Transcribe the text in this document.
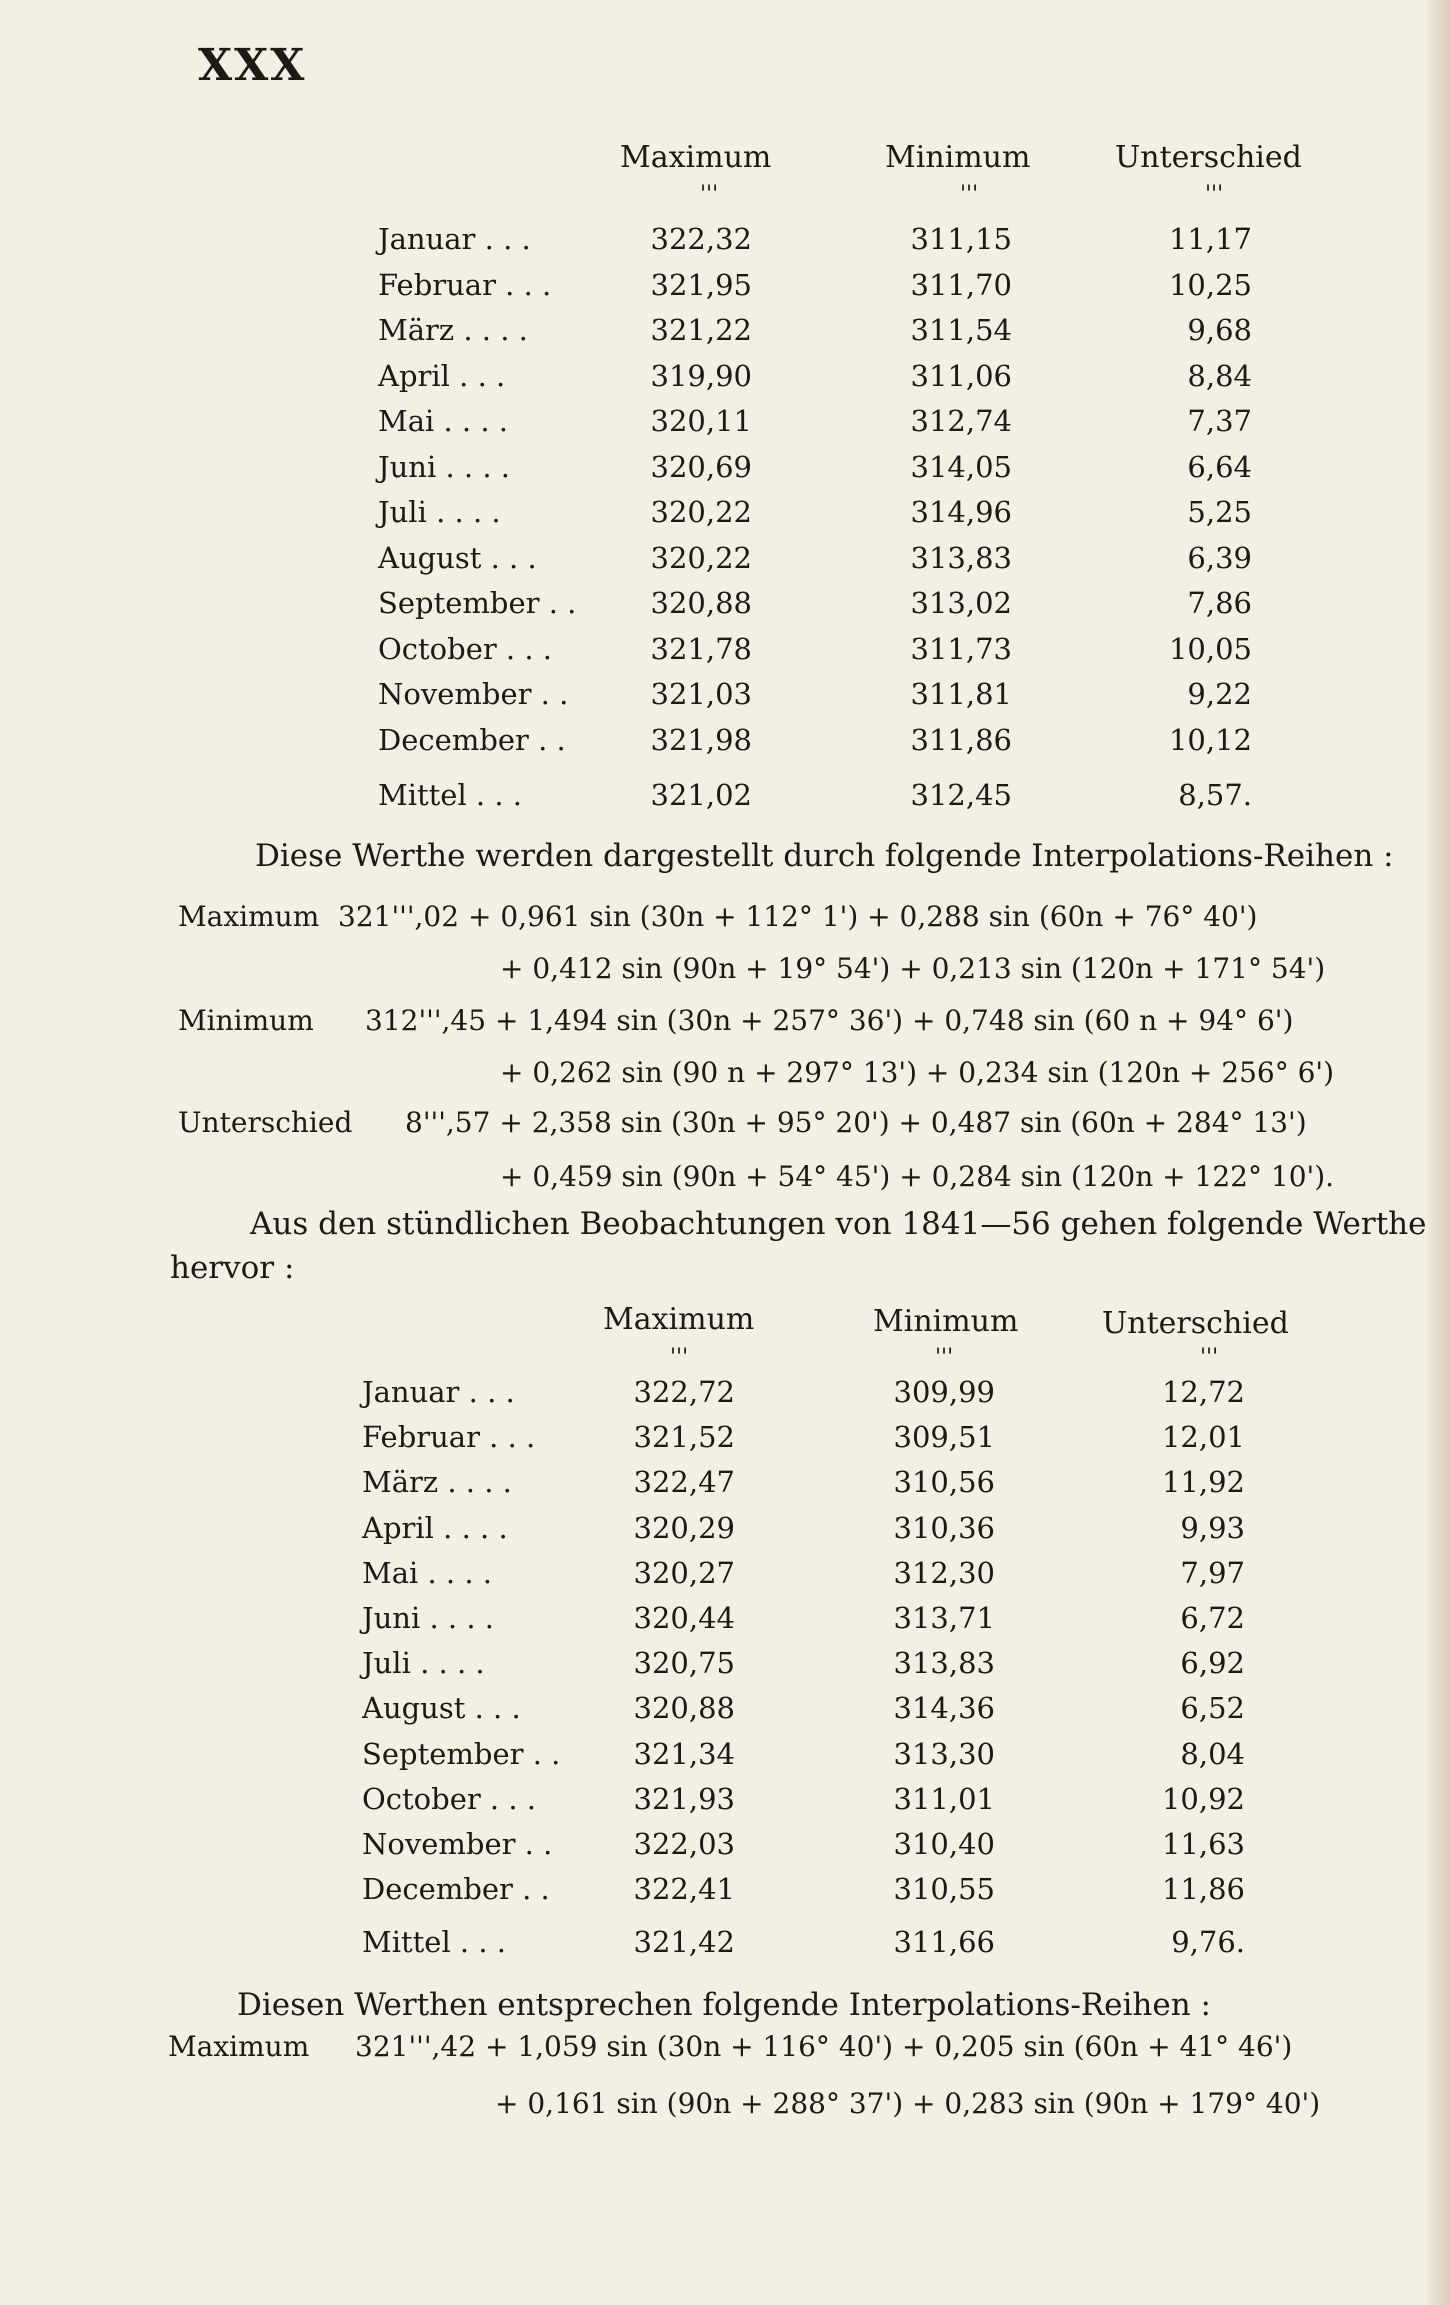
XXX
Maximum	Minimum	Unterschied
'''	'''	'''
Januar . . .	322,32	311,15	11,17
Februar . . .	321,95	311,70	10,25
März . . . .	321,22	311,54	9,68
April . . .	319,90	311,06	8,84
Mai . . . .	320,11	312,74	7,37
Juni . . . .	320,69	314,05	6,64
Juli . . . .	320,22	314,96	5,25
August . . .	320,22	313,83	6,39
September . .	320,88	313,02	7,86
October . . .	321,78	311,73	10,05
November . .	321,03	311,81	9,22
December . .	321,98	311,86	10,12
Mittel . . .	321,02	312,45	8,57.
Diese Werthe werden dargestellt durch folgende Interpolations-Reihen :
Maximum 321''',02 + 0,961 sin (30n + 112° 1') + 0,288 sin (60n + 76° 40')
+ 0,412 sin (90n + 19° 54') + 0,213 sin (120n + 171° 54')
Minimum 312''',45 + 1,494 sin (30n + 257° 36') + 0,748 sin (60 n + 94° 6')
+ 0,262 sin (90 n + 297° 13') + 0,234 sin (120n + 256° 6')
Unterschied 8''',57 + 2,358 sin (30n + 95° 20') + 0,487 sin (60n + 284° 13')
+ 0,459 sin (90n + 54° 45') + 0,284 sin (120n + 122° 10').
Aus den stündlichen Beobachtungen von 1841—56 gehen folgende Werthe
hervor :
Maximum	Minimum	Unterschied
'''	'''	'''
Januar . . .	322,72	309,99	12,72
Februar . . .	321,52	309,51	12,01
März . . . .	322,47	310,56	11,92
April . . . .	320,29	310,36	9,93
Mai . . . .	320,27	312,30	7,97
Juni . . . .	320,44	313,71	6,72
Juli . . . .	320,75	313,83	6,92
August . . .	320,88	314,36	6,52
September . .	321,34	313,30	8,04
October . . .	321,93	311,01	10,92
November . .	322,03	310,40	11,63
December . .	322,41	310,55	11,86
Mittel . . .	321,42	311,66	9,76.
Diesen Werthen entsprechen folgende Interpolations-Reihen :
Maximum 321''',42 + 1,059 sin (30n + 116° 40') + 0,205 sin (60n + 41° 46')
+ 0,161 sin (90n + 288° 37') + 0,283 sin (90n + 179° 40')
